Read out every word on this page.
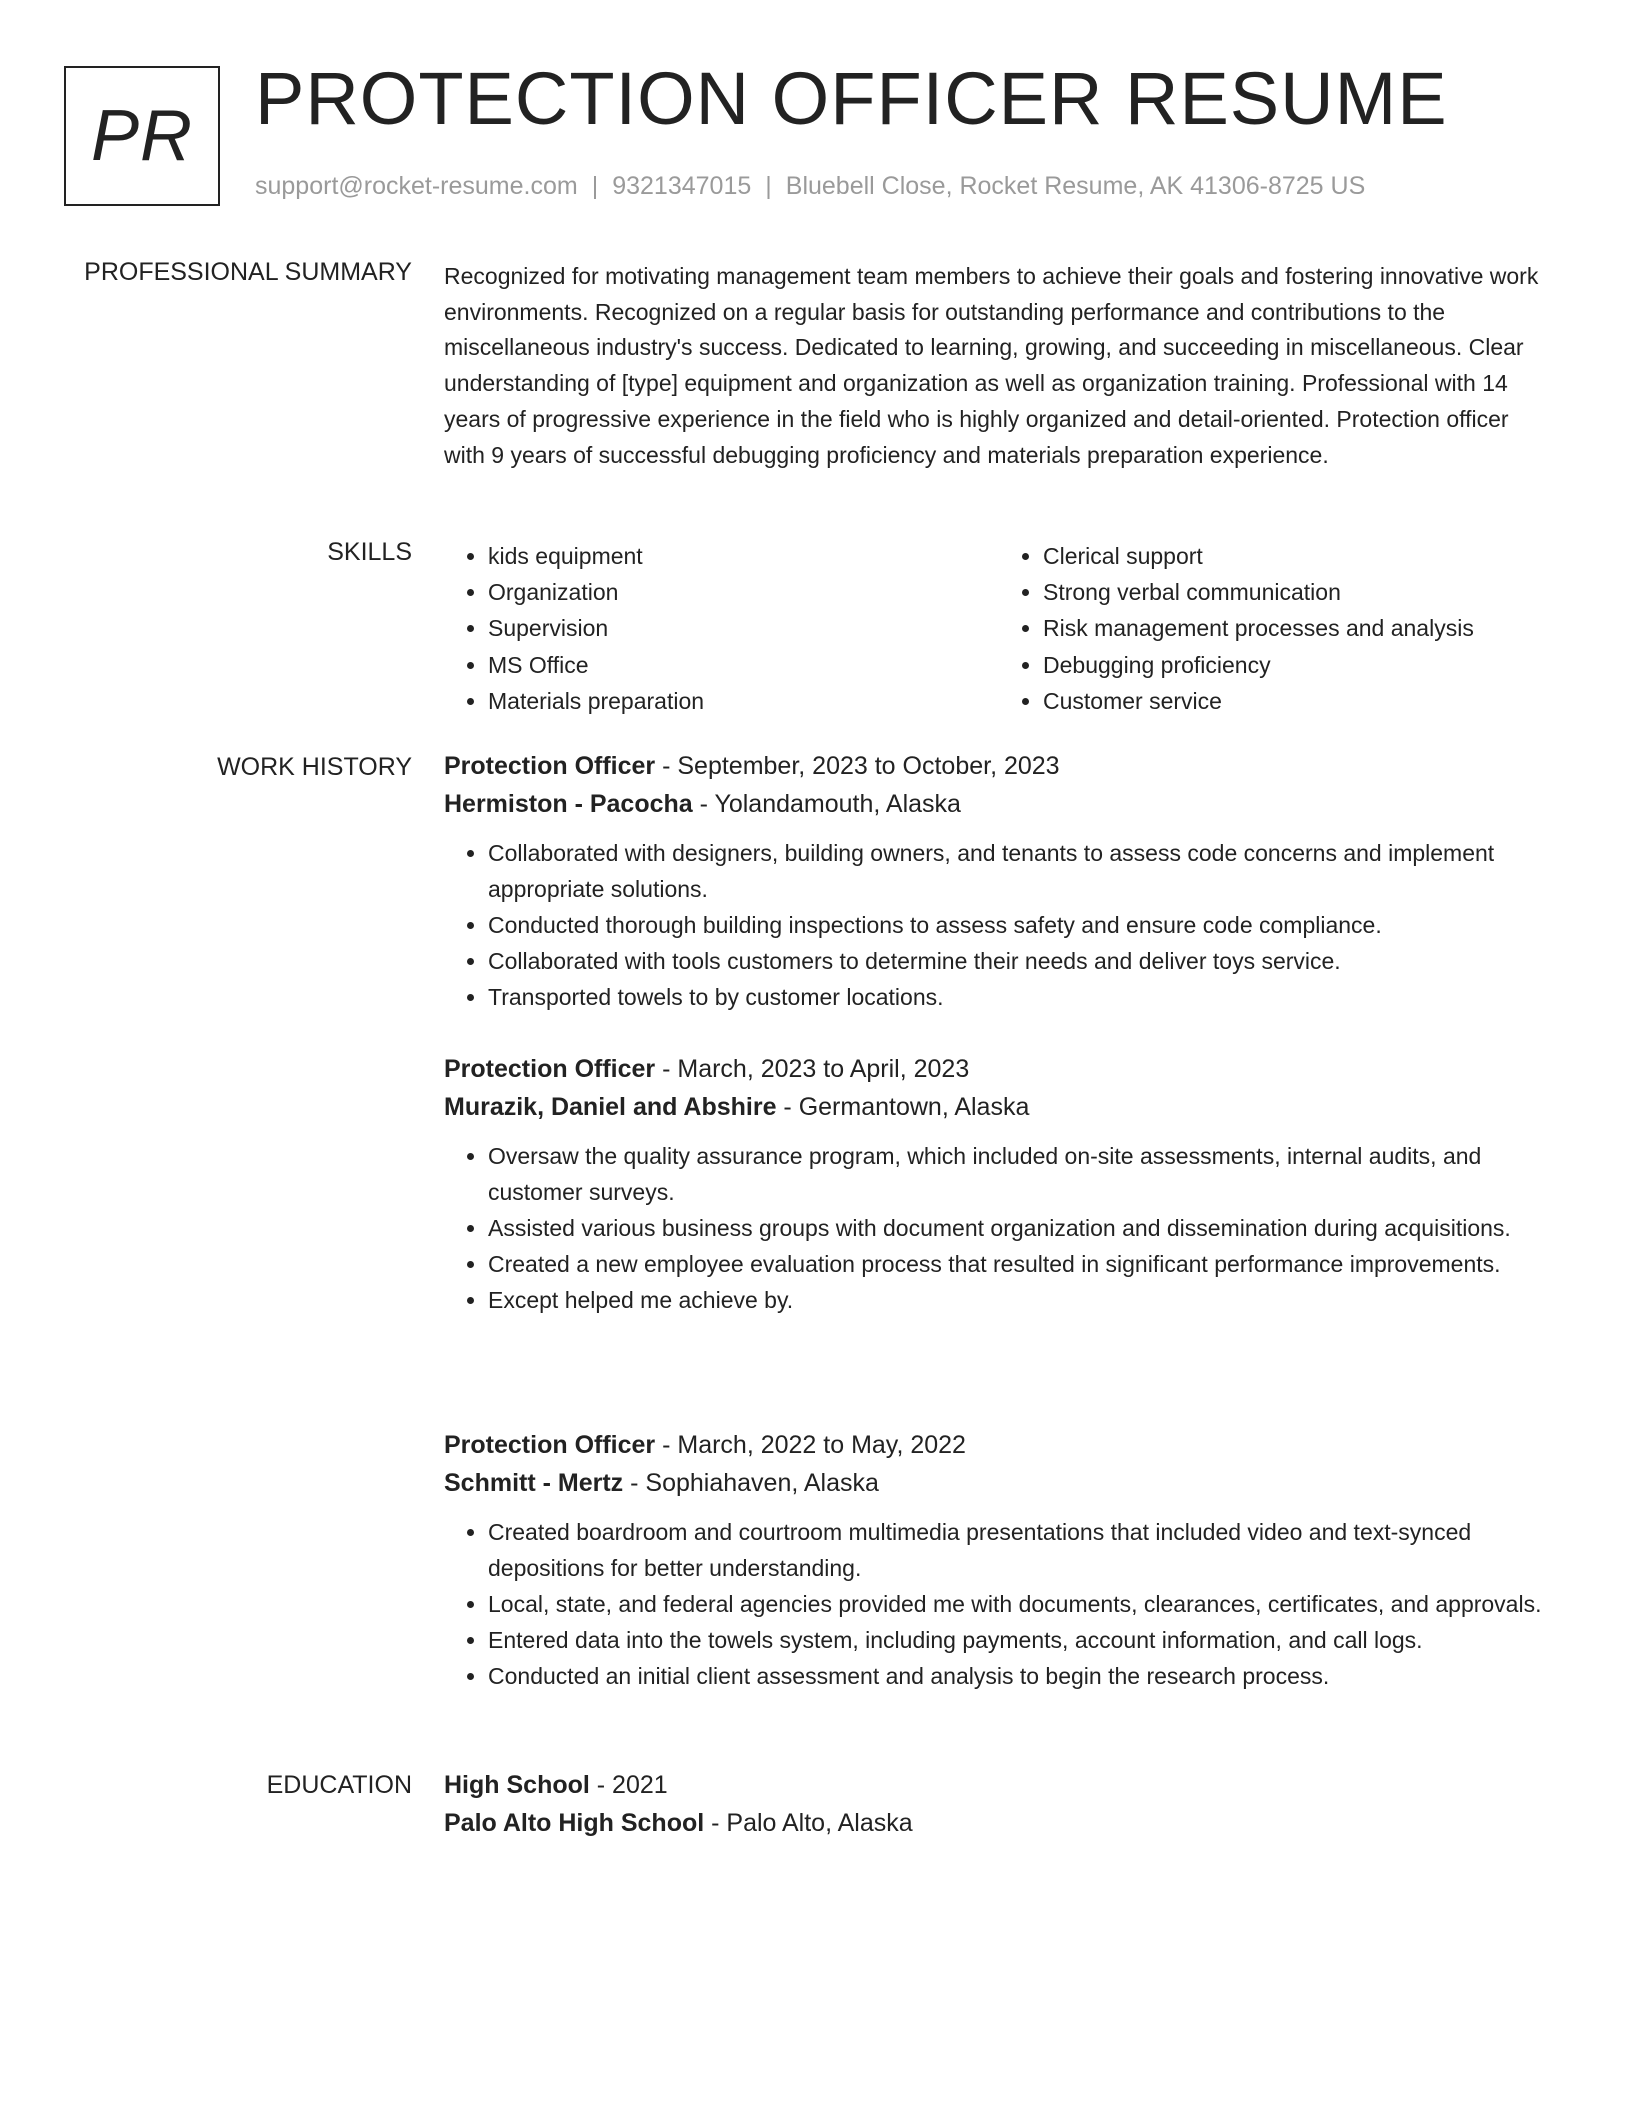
PR PROTECTION OFFICER RESUME
support@rocket-resume.com | 9321347015 | Bluebell Close, Rocket Resume, AK 41306-8725 US
PROFESSIONAL SUMMARY Recognized for motivating management team members to achieve their goals and fostering innovative work environments. Recognized on a regular basis for outstanding performance and contributions to the miscellaneous industry's success. Dedicated to learning, growing, and succeeding in miscellaneous. Clear understanding of [type] equipment and organization as well as organization training. Professional with 14 years of progressive experience in the field who is highly organized and detail-oriented. Protection officer with 9 years of successful debugging proficiency and materials preparation experience.

SKILLS
•	kids equipment
• Organization
• Supervision
• MS Office
• Materials preparation
• Clerical support
• Strong verbal communication
• Risk management processes and analysis
• Debugging proficiency
• Customer service
WORK HISTORY Protection Officer - September, 2023 to October, 2023
Hermiston - Pacocha - Yolandamouth, Alaska
• Collaborated with designers, building owners, and tenants to assess code concerns and implement appropriate solutions.
• Conducted thorough building inspections to assess safety and ensure code compliance.
• Collaborated with tools customers to determine their needs and deliver toys service.
• Transported towels to by customer locations.
Protection Officer - March, 2023 to April, 2023
Murazik, Daniel and Abshire - Germantown, Alaska
• Oversaw the quality assurance program, which included on-site assessments, internal audits, and customer surveys.
• Assisted various business groups with document organization and dissemination during acquisitions.
• Created a new employee evaluation process that resulted in significant performance improvements.
• Except helped me achieve by.
Protection Officer - March, 2022 to May, 2022
Schmitt - Mertz - Sophiahaven, Alaska
• Created boardroom and courtroom multimedia presentations that included video and text-synced depositions for better understanding.
• Local, state, and federal agencies provided me with documents, clearances, certificates, and approvals.
• Entered data into the towels system, including payments, account information, and call logs.
• Conducted an initial client assessment and analysis to begin the research process.
EDUCATION High School - 2021
Palo Alto High School - Palo Alto, Alaska
